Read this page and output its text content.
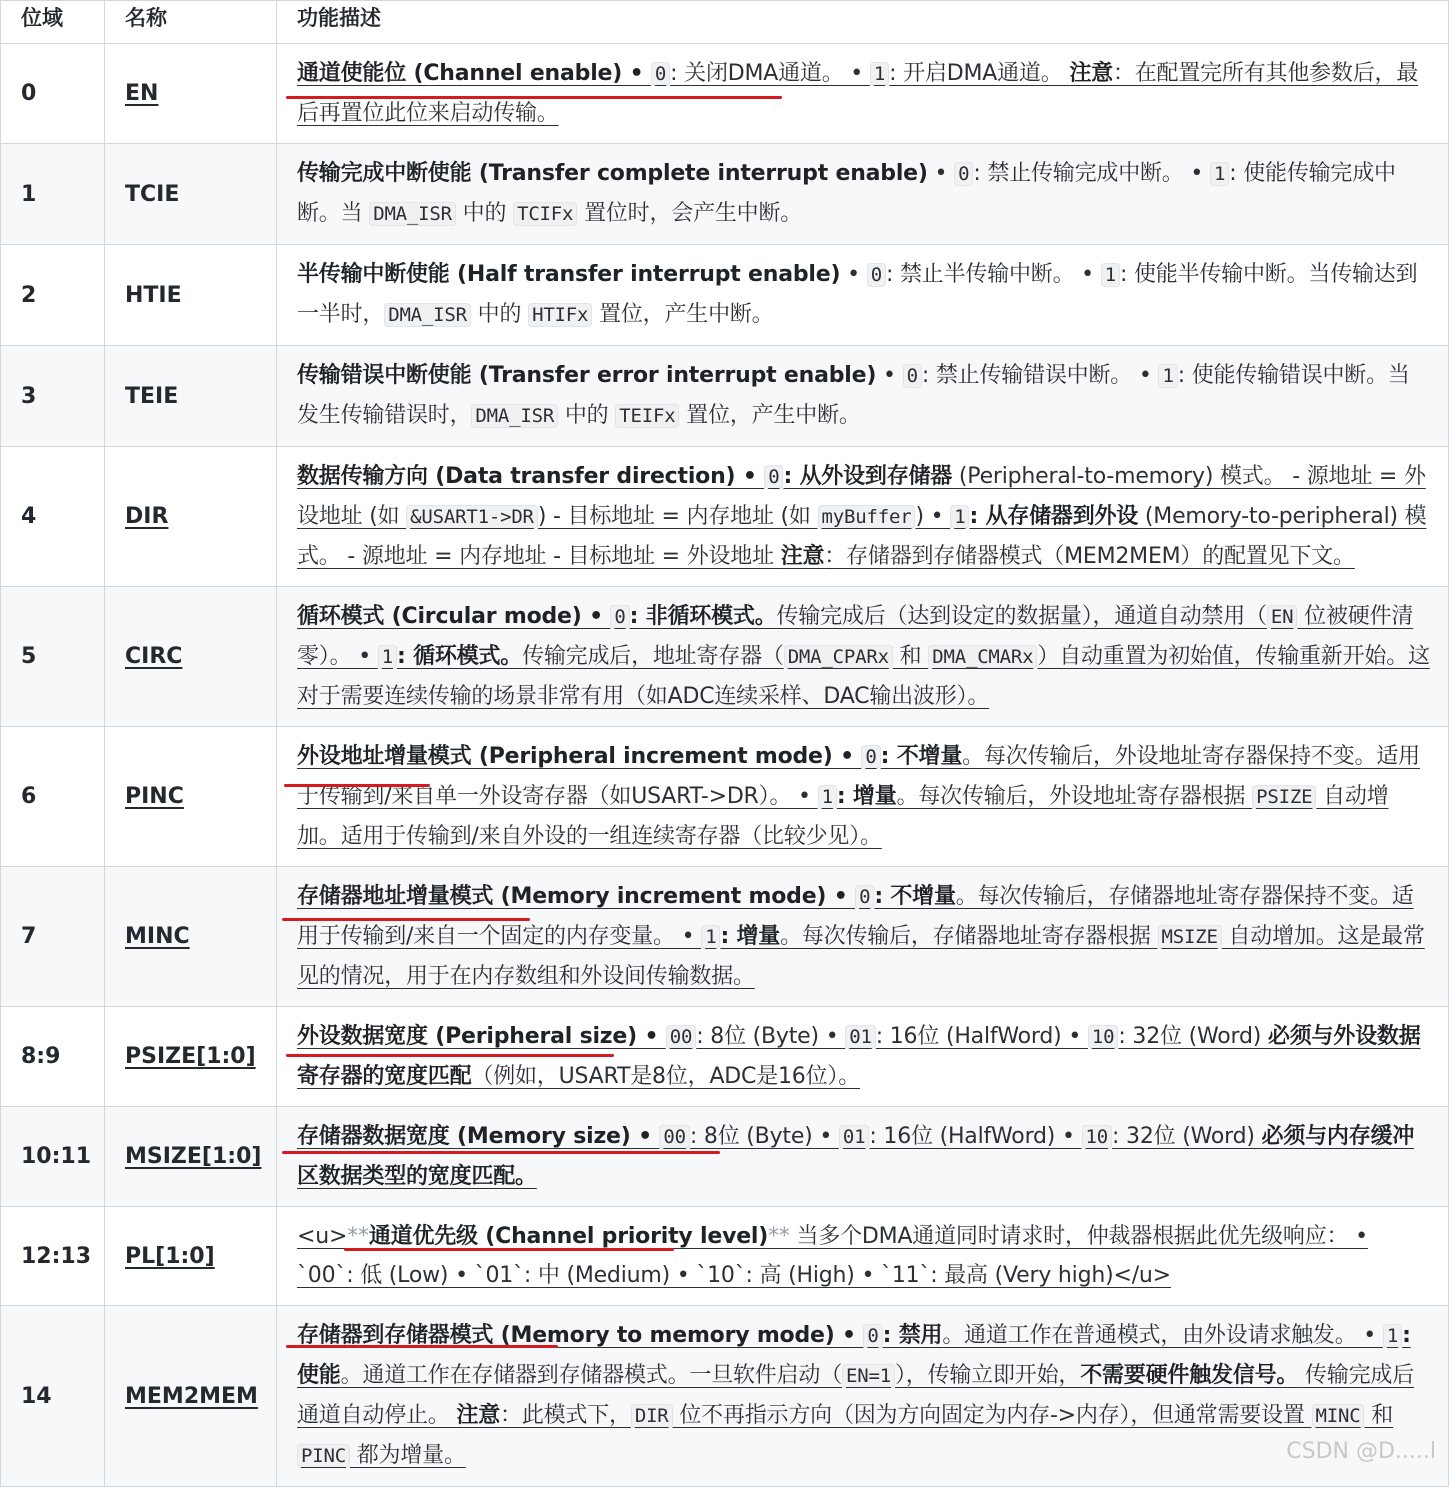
位域	名称	功能描述
0	EN	通道使能位 (Channel enable) • 0 : 关闭DMA通道。 • 1 : 开启DMA通道。 注意：在配置完所有其他参数后，最后再置位此位来启动传输。
1	TCIE	传输完成中断使能 (Transfer complete interrupt enable) • 0 : 禁止传输完成中断。 • 1 : 使能传输完成中断。当 DMA_ISR 中的 TCIFx 置位时，会产生中断。
2	HTIE	半传输中断使能 (Half transfer interrupt enable) • 0 : 禁止半传输中断。 • 1 : 使能半传输中断。当传输达到一半时， DMA_ISR 中的 HTIFx 置位，产生中断。
3	TEIE	传输错误中断使能 (Transfer error interrupt enable) • 0 : 禁止传输错误中断。 • 1 : 使能传输错误中断。当发生传输错误时， DMA_ISR 中的 TEIFx 置位，产生中断。
4	DIR	数据传输方向 (Data transfer direction) • 0 : 从外设到存储器 (Peripheral-to-memory) 模式。 - 源地址 = 外设地址 (如 &USART1->DR ) - 目标地址 = 内存地址 (如 myBuffer ) • 1 : 从存储器到外设 (Memory-to-peripheral) 模式。 - 源地址 = 内存地址 - 目标地址 = 外设地址 注意：存储器到存储器模式（MEM2MEM）的配置见下文。
5	CIRC	循环模式 (Circular mode) • 0 : 非循环模式。传输完成后（达到设定的数据量），通道自动禁用（ EN 位被硬件清零）。 • 1 : 循环模式。传输完成后，地址寄存器（ DMA_CPARx 和 DMA_CMARx ）自动重置为初始值，传输重新开始。这对于需要连续传输的场景非常有用（如ADC连续采样、DAC输出波形）。
6	PINC	外设地址增量模式 (Peripheral increment mode) • 0 : 不增量。每次传输后，外设地址寄存器保持不变。适用于传输到/来自单一外设寄存器（如USART->DR）。 • 1 : 增量。每次传输后，外设地址寄存器根据 PSIZE 自动增加。适用于传输到/来自外设的一组连续寄存器（比较少见）。
7	MINC	存储器地址增量模式 (Memory increment mode) • 0 : 不增量。每次传输后，存储器地址寄存器保持不变。适用于传输到/来自一个固定的内存变量。 • 1 : 增量。每次传输后，存储器地址寄存器根据 MSIZE 自动增加。这是最常见的情况，用于在内存数组和外设间传输数据。
8:9	PSIZE[1:0]	外设数据宽度 (Peripheral size) • 00 : 8位 (Byte) • 01 : 16位 (HalfWord) • 10 : 32位 (Word) 必须与外设数据寄存器的宽度匹配（例如，USART是8位，ADC是16位）。
10:11	MSIZE[1:0]	存储器数据宽度 (Memory size) • 00 : 8位 (Byte) • 01 : 16位 (HalfWord) • 10 : 32位 (Word) 必须与内存缓冲区数据类型的宽度匹配。
12:13	PL[1:0]	<u>**通道优先级 (Channel priority level)** 当多个DMA通道同时请求时，仲裁器根据此优先级响应： • `00`: 低 (Low) • `01`: 中 (Medium) • `10`: 高 (High) • `11`: 最高 (Very high)</u>
14	MEM2MEM	存储器到存储器模式 (Memory to memory mode) • 0 : 禁用。通道工作在普通模式，由外设请求触发。 • 1 : 使能。通道工作在存储器到存储器模式。一旦软件启动（ EN=1 ），传输立即开始，不需要硬件触发信号。 传输完成后通道自动停止。 注意：此模式下， DIR 位不再指示方向（因为方向固定为内存->内存），但通常需要设置 MINC 和 PINC 都为增量。	CSDN @D.....l
